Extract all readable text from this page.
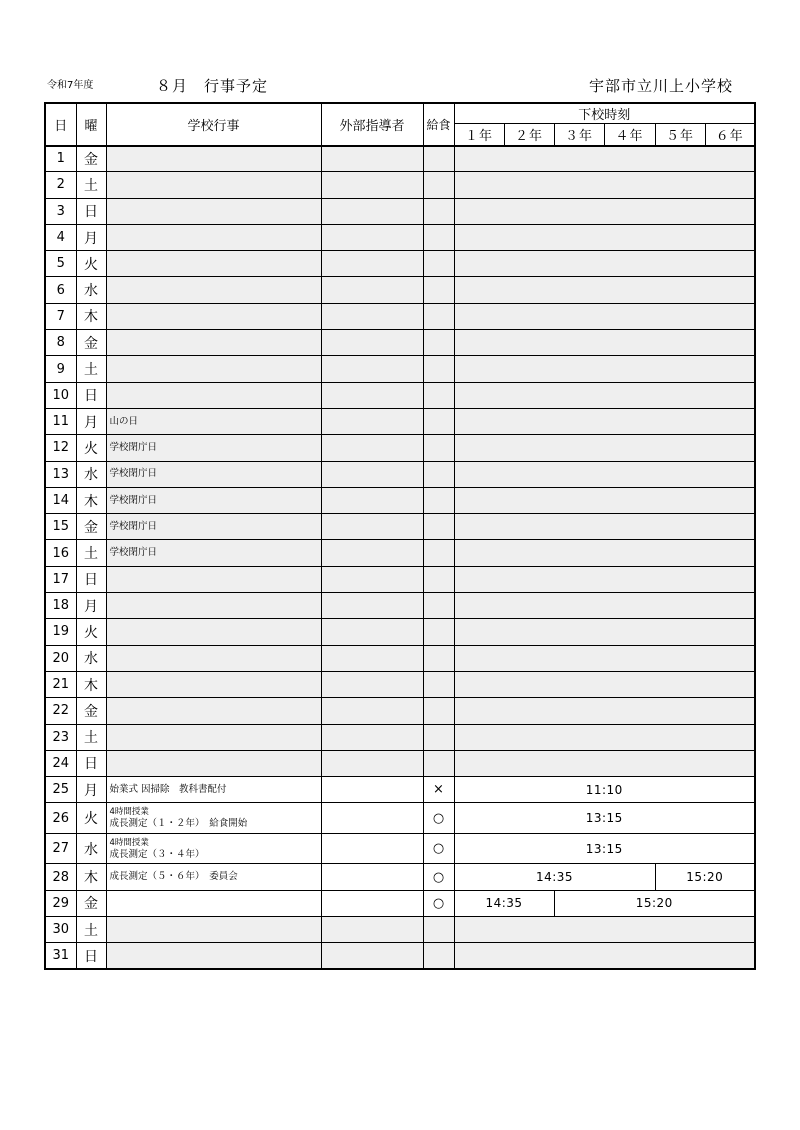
令和7年度	８月　行事予定	宇部市立川上小学校
日	曜	学校行事	外部指導者	給食	下校時刻					
					１年	２年	３年	４年	５年	６年
1	金									
2	土									
3	日									
4	月									
5	火									
6	水									
7	木									
8	金									
9	土									
10	日									
11	月	山の日								

12	火	学校閉庁日								

13	水	学校閉庁日								

14	木	学校閉庁日								

15	金	学校閉庁日								

16	土	学校閉庁日								

17	日									
18	月									
19	火									
20	水									
21	木									
22	金									
23	土									
24	日									
25	月	始業式 因掃除　教科書配付		×	11:10					
26	火	4時間授業
成長測定（１・２年）　給食開始		○	13:15					
27	水	4時間授業
成長測定（３・４年）		○	13:15					
28	木	成長測定（５・６年）　委員会		○	14:35				15:20	
29	金			○	14:35		15:20			
30	土									
31	日									
